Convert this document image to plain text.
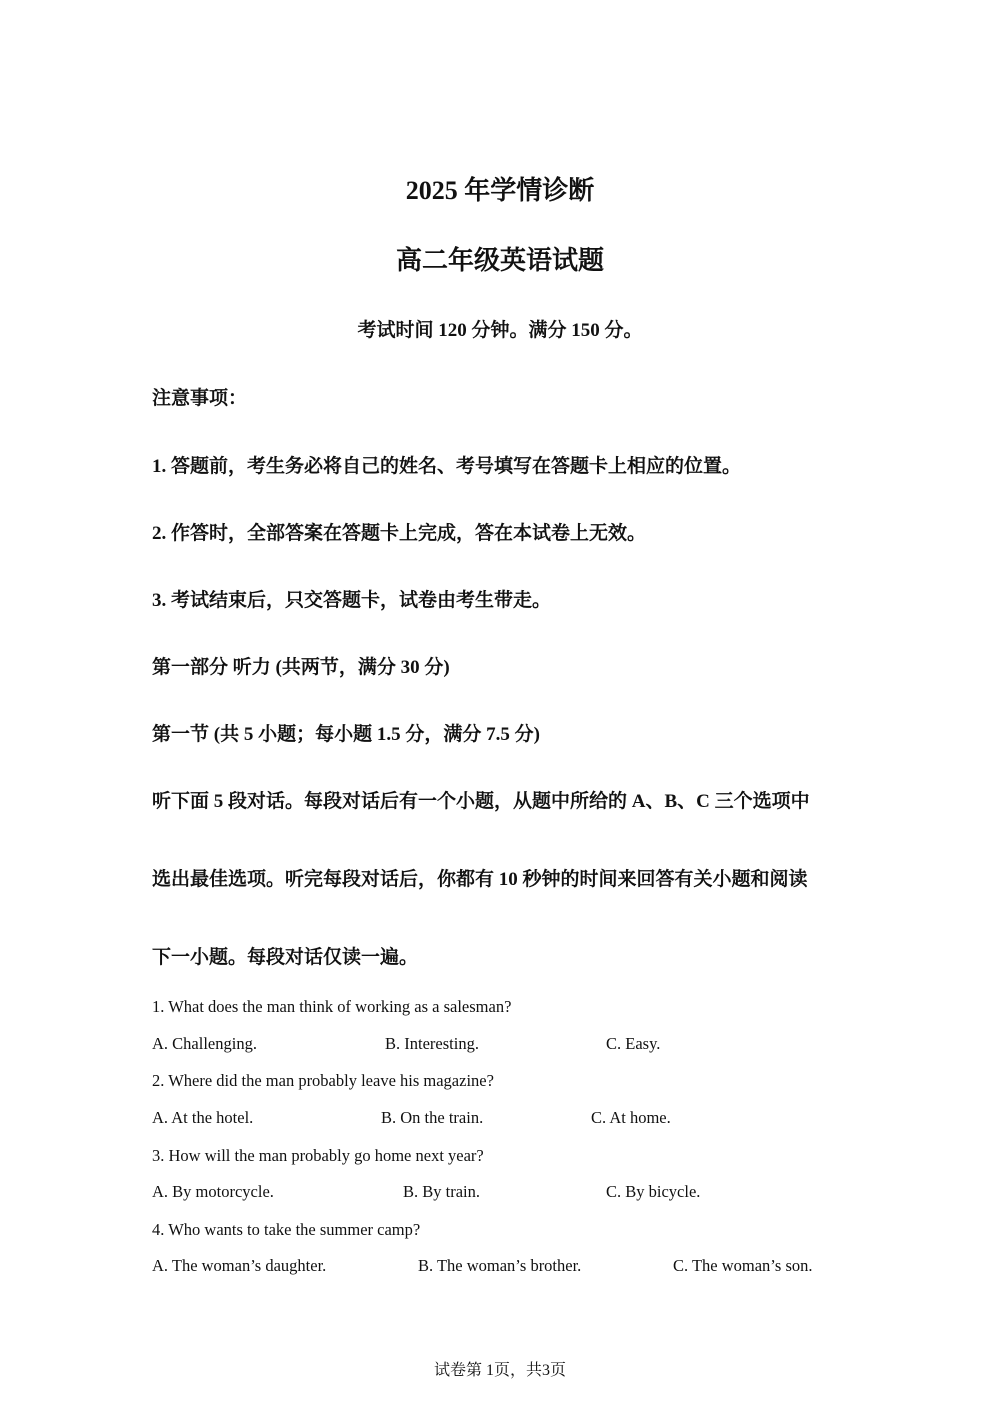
2025 年学情诊断
高二年级英语试题
考试时间 120 分钟。满分 150 分。
注意事项：
1. 答题前，考生务必将自己的姓名、考号填写在答题卡上相应的位置。
2. 作答时，全部答案在答题卡上完成，答在本试卷上无效。
3. 考试结束后，只交答题卡，试卷由考生带走。
第一部分 听力 (共两节，满分 30 分)
第一节 (共 5 小题；每小题 1.5 分，满分 7.5 分)
听下面 5 段对话。每段对话后有一个小题，从题中所给的 A、B、C 三个选项中
选出最佳选项。听完每段对话后，你都有 10 秒钟的时间来回答有关小题和阅读
下一小题。每段对话仅读一遍。
1. What does the man think of working as a salesman?
A. Challenging.	B. Interesting.	C. Easy.
2. Where did the man probably leave his magazine?
A. At the hotel.	B. On the train.	C. At home.
3. How will the man probably go home next year?
A. By motorcycle.	B. By train.	C. By bicycle.
4. Who wants to take the summer camp?
A. The woman’s daughter.	B. The woman’s brother.	C. The woman’s son.
试卷第 1页，共3页
